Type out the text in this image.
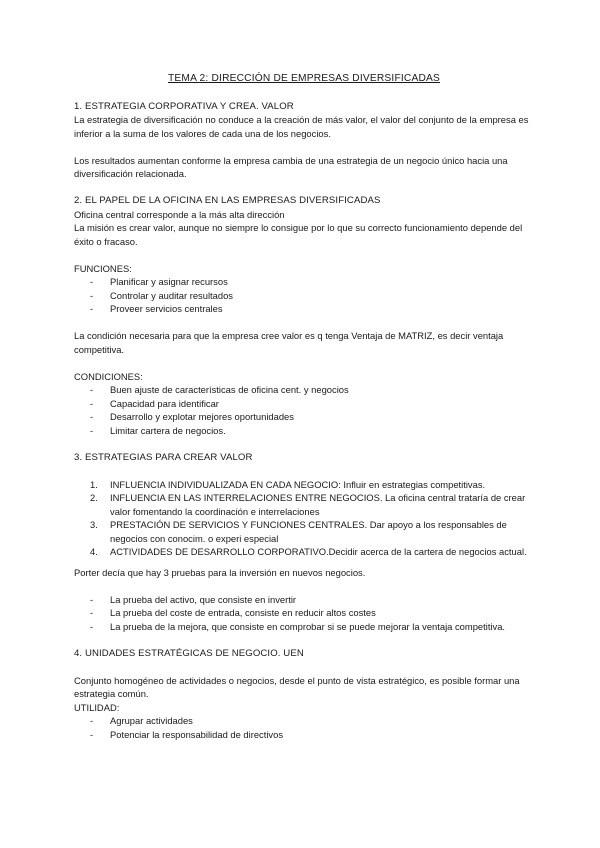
TEMA 2: DIRECCIÓN DE EMPRESAS DIVERSIFICADAS
1. ESTRATEGIA CORPORATIVA Y CREA. VALOR

La estrategia de diversificación no conduce a la creación de más valor, el valor del conjunto de la empresa es inferior a la suma de los valores de cada una de los negocios.

Los resultados aumentan conforme la empresa cambia de una estrategia de un negocio único hacia una diversificación relacionada.

2. EL PAPEL DE LA OFICINA EN LAS EMPRESAS DIVERSIFICADAS

Oficina central corresponde a la más alta dirección

La misión es crear valor, aunque no siempre lo consigue por lo que su correcto funcionamiento depende del éxito o fracaso.

FUNCIONES:

- Planificar y asignar recursos
- Controlar y auditar resultados
- Proveer servicios centrales

La condición necesaria para que la empresa cree valor es q tenga Ventaja de MATRIZ, es decir ventaja competitiva.

CONDICIONES:

- Buen ajuste de características de oficina cent. y negocios
- Capacidad para identificar
- Desarrollo y explotar mejores oportunidades
- Limitar cartera de negocios.
3. ESTRATEGIAS PARA CREAR VALOR
1. INFLUENCIA INDIVIDUALIZADA EN CADA NEGOCIO: Influir en estrategias competitivas.
2. INFLUENCIA EN LAS INTERRELACIONES ENTRE NEGOCIOS. La oficina central trataría de crear valor fomentando la coordinación e interrelaciones
3. PRESTACIÓN DE SERVICIOS Y FUNCIONES CENTRALES. Dar apoyo a los responsables de negocios con conocim. o experi especial
4. ACTIVIDADES DE DESARROLLO CORPORATIVO.Decidir acerca de la cartera de negocios actual.

Porter decía que hay 3 pruebas para la inversión en nuevos negocios.

- La prueba del activo, que consiste en invertir
- La prueba del coste de entrada, consiste en reducir altos costes
- La prueba de la mejora, que consiste en comprobar si se puede mejorar la ventaja competitiva.
4. UNIDADES ESTRATÉGICAS DE NEGOCIO. UEN

Conjunto homogéneo de actividades o negocios, desde el punto de vista estratégico, es posible formar una estrategia común.

UTILIDAD:

- Agrupar actividades
- Potenciar la responsabilidad de directivos
